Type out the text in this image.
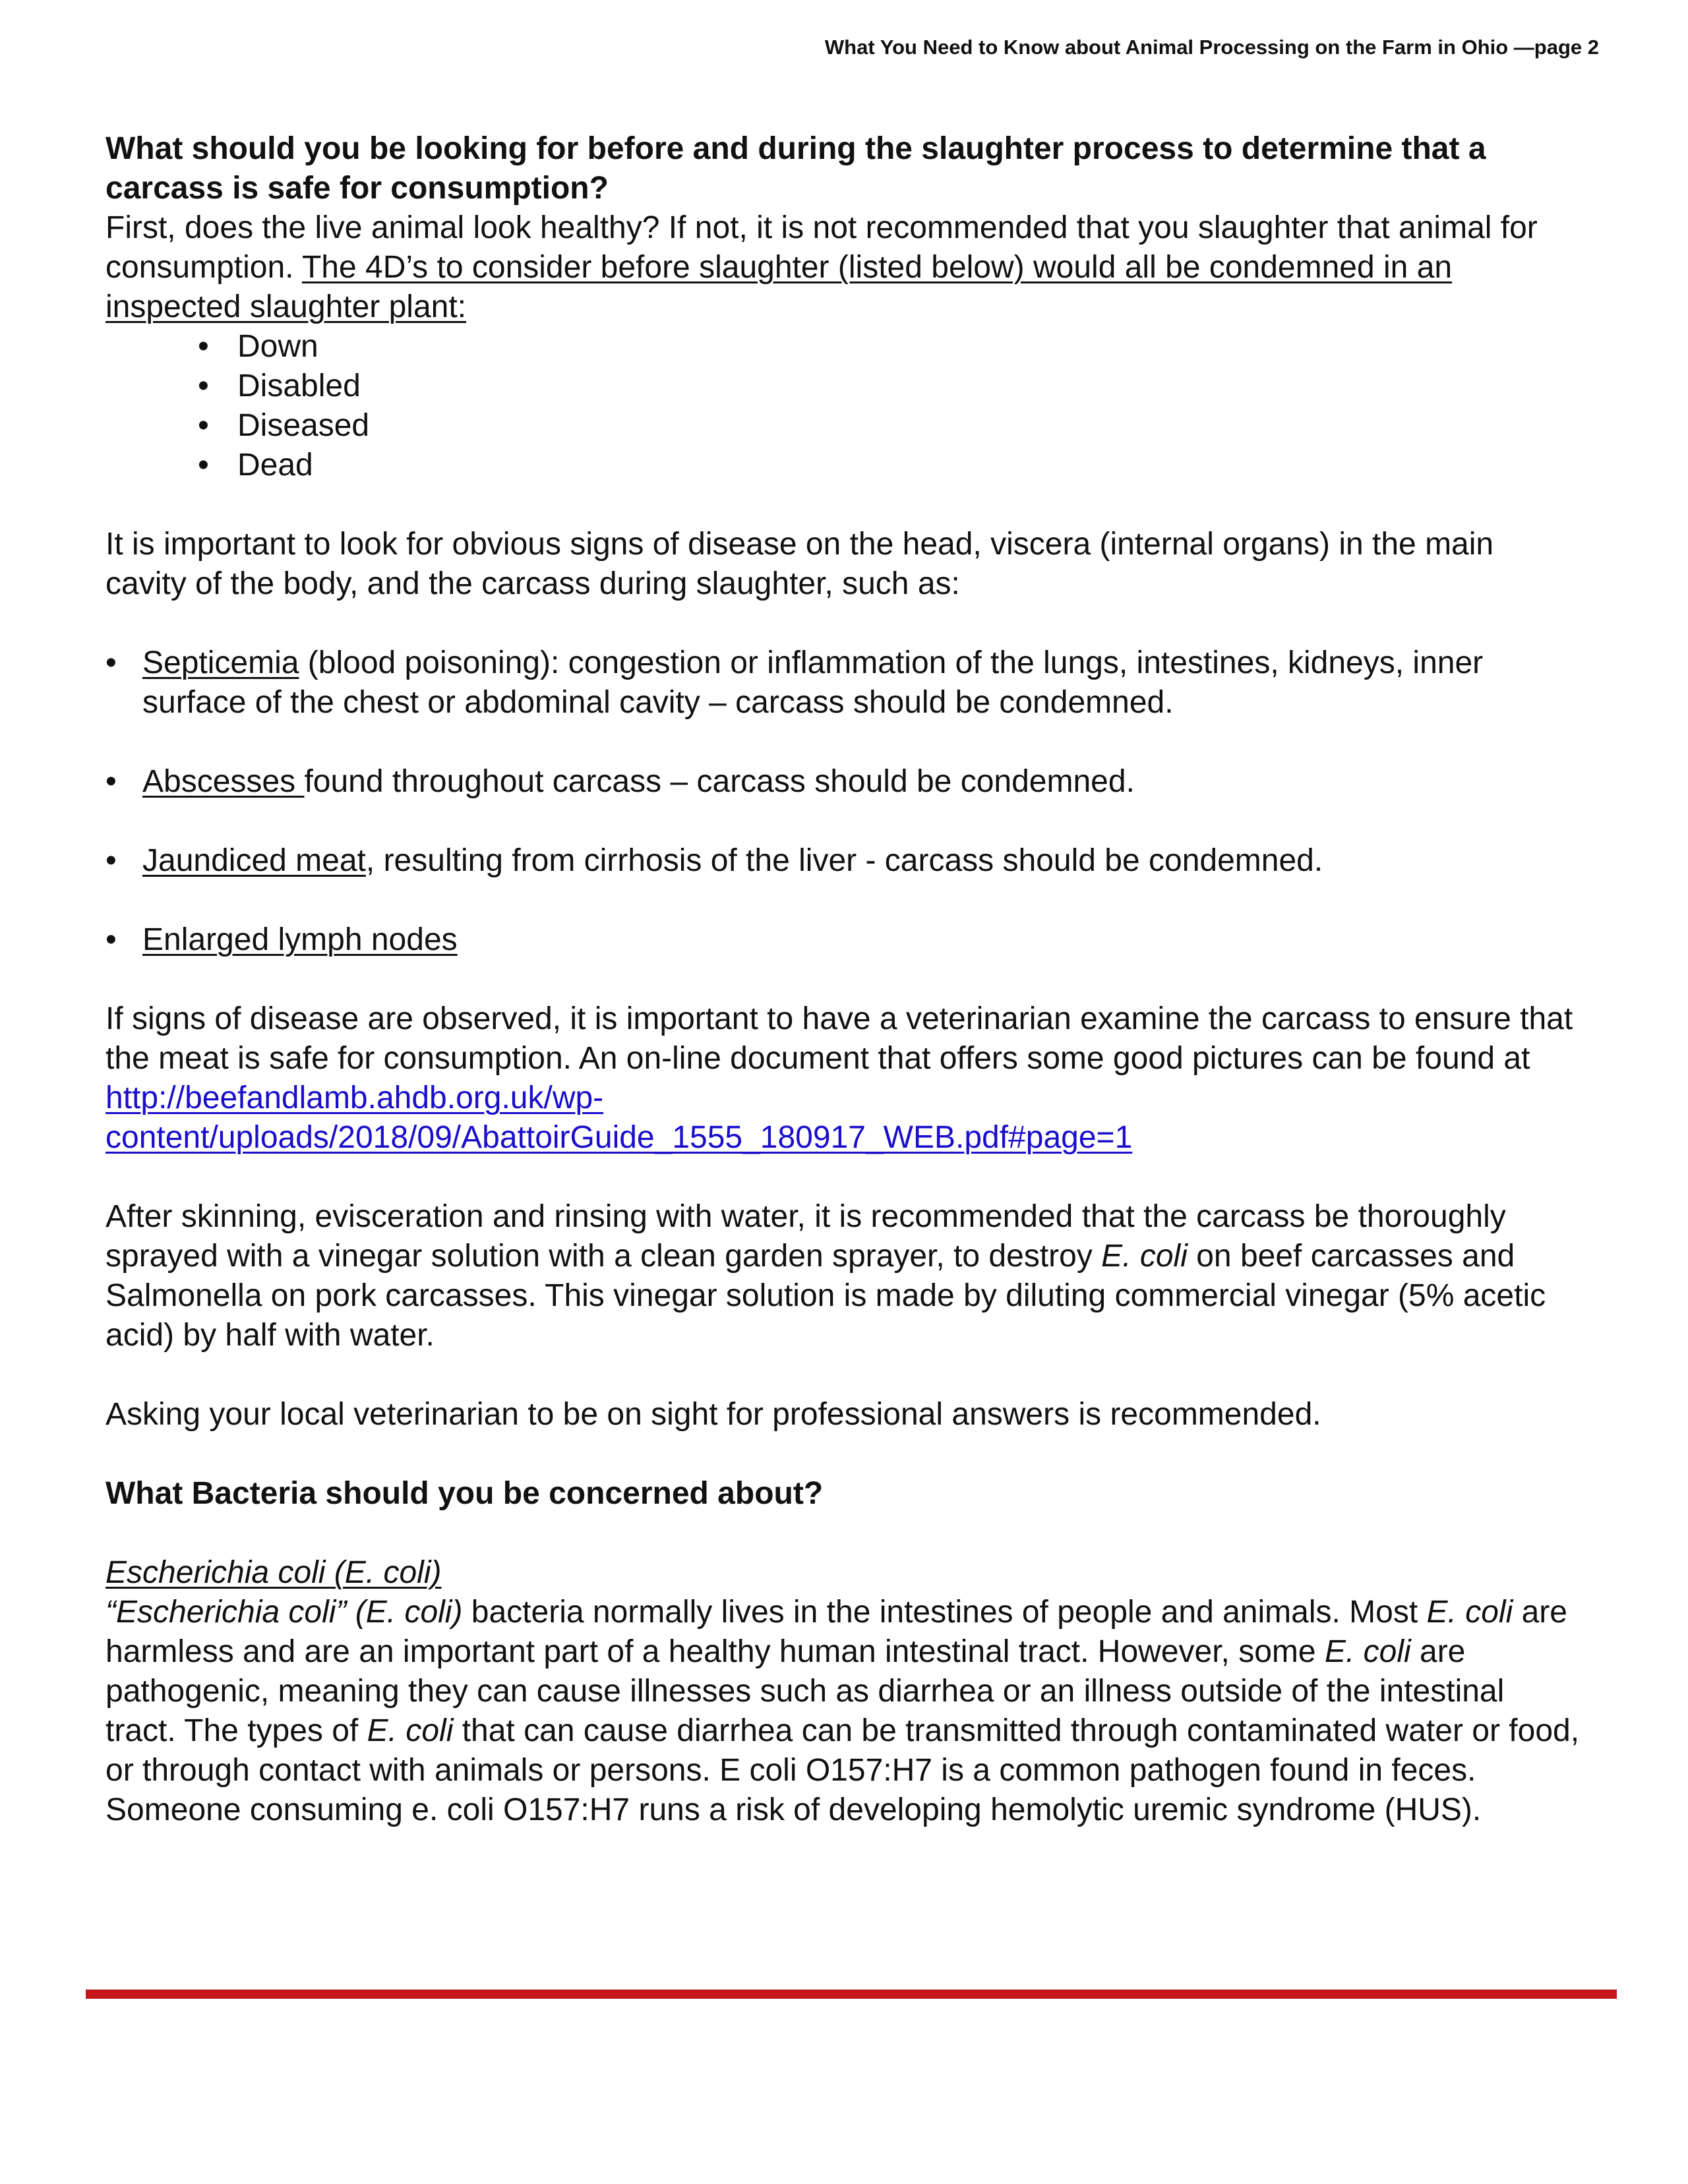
What You Need to Know about Animal Processing on the Farm in Ohio —page 2

What should you be looking for before and during the slaughter process to determine that a carcass is safe for consumption?

First, does the live animal look healthy? If not, it is not recommended that you slaughter that animal for consumption. The 4D’s to consider before slaughter (listed below) would all be condemned in an inspected slaughter plant:

• Down
• Disabled
• Diseased
• Dead

It is important to look for obvious signs of disease on the head, viscera (internal organs) in the main cavity of the body, and the carcass during slaughter, such as:

• Septicemia (blood poisoning): congestion or inflammation of the lungs, intestines, kidneys, inner surface of the chest or abdominal cavity – carcass should be condemned.
• Abscesses found throughout carcass – carcass should be condemned.
• Jaundiced meat, resulting from cirrhosis of the liver - carcass should be condemned.
• Enlarged lymph nodes

If signs of disease are observed, it is important to have a veterinarian examine the carcass to ensure that the meat is safe for consumption. An on-line document that offers some good pictures can be found at http://beefandlamb.ahdb.org.uk/wp-content/uploads/2018/09/AbattoirGuide_1555_180917_WEB.pdf#page=1

After skinning, evisceration and rinsing with water, it is recommended that the carcass be thoroughly sprayed with a vinegar solution with a clean garden sprayer, to destroy E. coli on beef carcasses and Salmonella on pork carcasses. This vinegar solution is made by diluting commercial vinegar (5% acetic acid) by half with water.

Asking your local veterinarian to be on sight for professional answers is recommended.

What Bacteria should you be concerned about?

Escherichia coli (E. coli)

“Escherichia coli” (E. coli) bacteria normally lives in the intestines of people and animals. Most E. coli are harmless and are an important part of a healthy human intestinal tract. However, some E. coli are pathogenic, meaning they can cause illnesses such as diarrhea or an illness outside of the intestinal tract. The types of E. coli that can cause diarrhea can be transmitted through contaminated water or food, or through contact with animals or persons. E coli O157:H7 is a common pathogen found in feces. Someone consuming e. coli O157:H7 runs a risk of developing hemolytic uremic syndrome (HUS).
